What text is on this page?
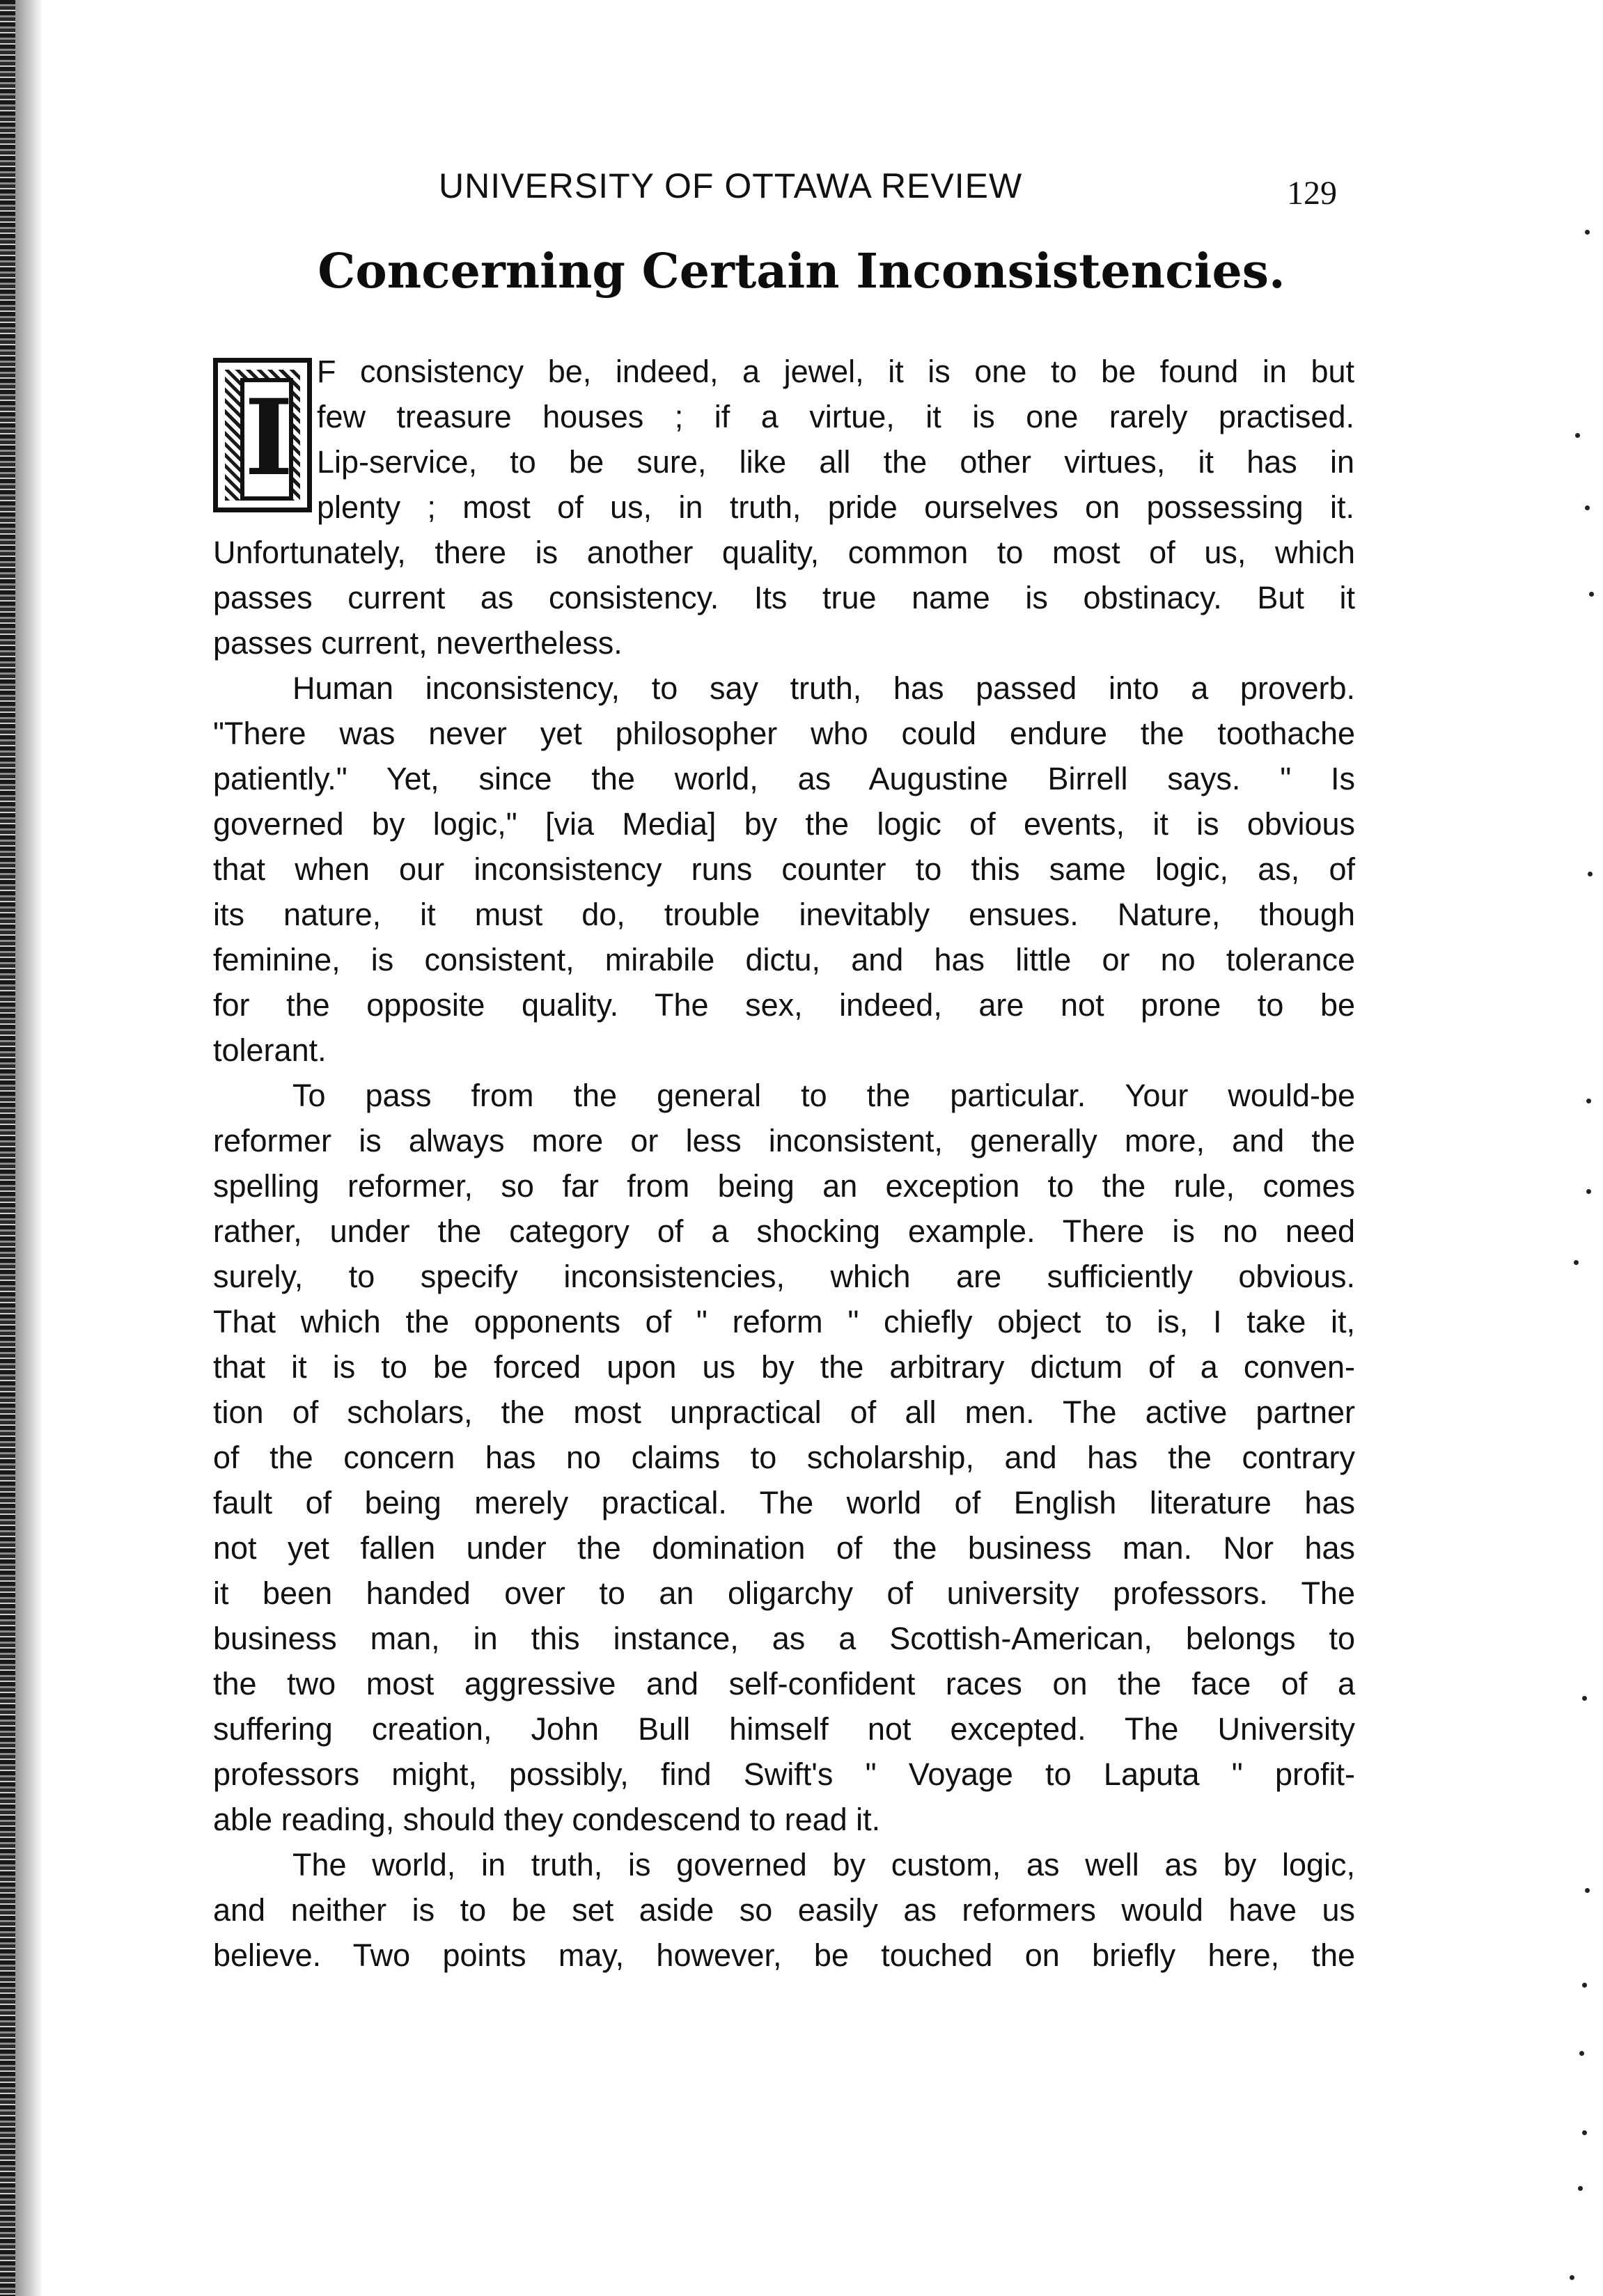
UNIVERSITY OF OTTAWA REVIEW	129
Concerning Certain Inconsistencies.
I
F consistency be, indeed, a jewel, it is one to be found in but
few treasure houses ; if a virtue, it is one rarely practised.
Lip-service, to be sure, like all the other virtues, it has in
plenty ; most of us, in truth, pride ourselves on possessing it.
Unfortunately, there is another quality, common to most of us, which
passes current as consistency. Its true name is obstinacy. But it
passes current, nevertheless.
Human inconsistency, to say truth, has passed into a proverb.
"There was never yet philosopher who could endure the toothache
patiently." Yet, since the world, as Augustine Birrell says. " Is
governed by logic," [via Media] by the logic of events, it is obvious
that when our inconsistency runs counter to this same logic, as, of
its nature, it must do, trouble inevitably ensues. Nature, though
feminine, is consistent, mirabile dictu, and has little or no tolerance
for the opposite quality. The sex, indeed, are not prone to be
tolerant.
To pass from the general to the particular. Your would-be
reformer is always more or less inconsistent, generally more, and the
spelling reformer, so far from being an exception to the rule, comes
rather, under the category of a shocking example. There is no need
surely, to specify inconsistencies, which are sufficiently obvious.
That which the opponents of " reform " chiefly object to is, I take it,
that it is to be forced upon us by the arbitrary dictum of a conven-
tion of scholars, the most unpractical of all men. The active partner
of the concern has no claims to scholarship, and has the contrary
fault of being merely practical. The world of English literature has
not yet fallen under the domination of the business man. Nor has
it been handed over to an oligarchy of university professors. The
business man, in this instance, as a Scottish-American, belongs to
the two most aggressive and self-confident races on the face of a
suffering creation, John Bull himself not excepted. The University
professors might, possibly, find Swift's " Voyage to Laputa " profit-
able reading, should they condescend to read it.
The world, in truth, is governed by custom, as well as by logic,
and neither is to be set aside so easily as reformers would have us
believe. Two points may, however, be touched on briefly here, the
